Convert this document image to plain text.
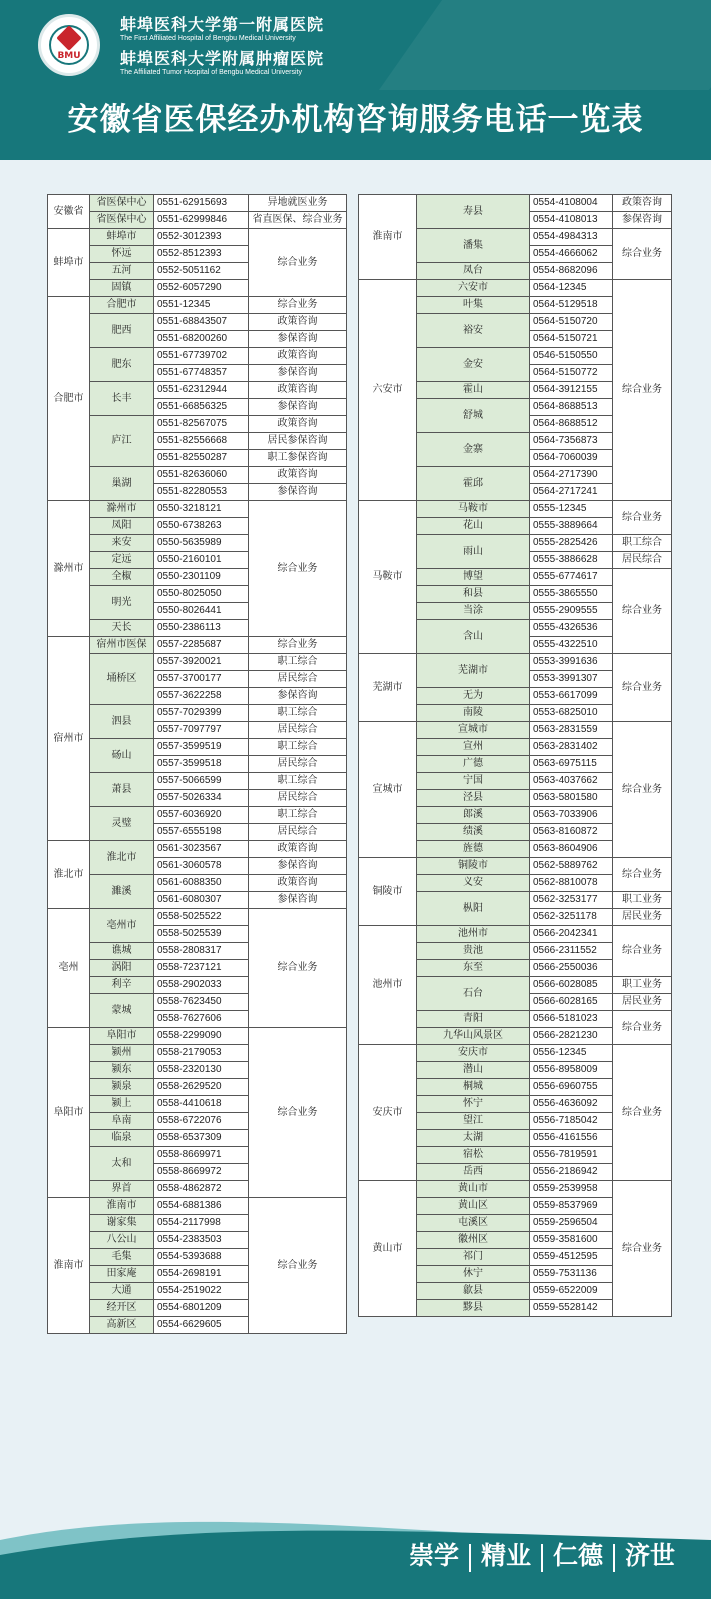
BMU
蚌埠医科大学第一附属医院
The First Affiliated Hospital of Bengbu Medical University
蚌埠医科大学附属肿瘤医院
The Affiliated Tumor Hospital of Bengbu Medical University
安徽省医保经办机构咨询服务电话一览表
安徽省	省医保中心	0551-62915693	异地就医业务
	省医保中心	0551-62999846	省直医保、综合业务
蚌埠市	蚌埠市	0552-3012393	综合业务
	怀远	0552-8512393	
	五河	0552-5051162	
	固镇	0552-6057290	
合肥市	合肥市	0551-12345	综合业务
	肥西	0551-68843507	政策咨询
		0551-68200260	参保咨询
	肥东	0551-67739702	政策咨询
		0551-67748357	参保咨询
	长丰	0551-62312944	政策咨询
		0551-66856325	参保咨询
	庐江	0551-82567075	政策咨询
		0551-82556668	居民参保咨询
		0551-82550287	职工参保咨询
	巢湖	0551-82636060	政策咨询
		0551-82280553	参保咨询
滁州市	滁州市	0550-3218121	综合业务
	凤阳	0550-6738263	
	来安	0550-5635989	
	定远	0550-2160101	
	全椒	0550-2301109	
	明光	0550-8025050	
		0550-8026441	
	天长	0550-2386113	
宿州市	宿州市医保	0557-2285687	综合业务
	埇桥区	0557-3920021	职工综合
		0557-3700177	居民综合
		0557-3622258	参保咨询
	泗县	0557-7029399	职工综合
		0557-7097797	居民综合
	砀山	0557-3599519	职工综合
		0557-3599518	居民综合
	萧县	0557-5066599	职工综合
		0557-5026334	居民综合
	灵璧	0557-6036920	职工综合
		0557-6555198	居民综合
淮北市	淮北市	0561-3023567	政策咨询
		0561-3060578	参保咨询
	濉溪	0561-6088350	政策咨询
		0561-6080307	参保咨询
亳州	亳州市	0558-5025522	综合业务
		0558-5025539	
	谯城	0558-2808317	
	涡阳	0558-7237121	
	利辛	0558-2902033	
	蒙城	0558-7623450	
		0558-7627606	
阜阳市	阜阳市	0558-2299090	综合业务
	颍州	0558-2179053	
	颍东	0558-2320130	
	颍泉	0558-2629520	
	颍上	0558-4410618	
	阜南	0558-6722076	
	临泉	0558-6537309	
	太和	0558-8669971	
		0558-8669972	
	界首	0558-4862872	
淮南市	淮南市	0554-6881386	综合业务
	谢家集	0554-2117998	
	八公山	0554-2383503	
	毛集	0554-5393688	
	田家庵	0554-2698191	
	大通	0554-2519022	
	经开区	0554-6801209	
	高新区	0554-6629605	
淮南市	寿县	0554-4108004	政策咨询
		0554-4108013	参保咨询
	潘集	0554-4984313	综合业务
		0554-4666062	
	凤台	0554-8682096	
六安市	六安市	0564-12345	综合业务
	叶集	0564-5129518	
	裕安	0564-5150720	
		0564-5150721	
	金安	0546-5150550	
		0564-5150772	
	霍山	0564-3912155	
	舒城	0564-8688513	
		0564-8688512	
	金寨	0564-7356873	
		0564-7060039	
	霍邱	0564-2717390	
		0564-2717241	
马鞍市	马鞍市	0555-12345	综合业务
	花山	0555-3889664	
	雨山	0555-2825426	职工综合
		0555-3886628	居民综合
	博望	0555-6774617	综合业务
	和县	0555-3865550	
	当涂	0555-2909555	
	含山	0555-4326536	
		0555-4322510	
芜湖市	芜湖市	0553-3991636	综合业务
		0553-3991307	
	无为	0553-6617099	
	南陵	0553-6825010	
宣城市	宣城市	0563-2831559	综合业务
	宣州	0563-2831402	
	广德	0563-6975115	
	宁国	0563-4037662	
	泾县	0563-5801580	
	郎溪	0563-7033906	
	绩溪	0563-8160872	
	旌德	0563-8604906	
铜陵市	铜陵市	0562-5889762	综合业务
	义安	0562-8810078	
	枞阳	0562-3253177	职工业务
		0562-3251178	居民业务
池州市	池州市	0566-2042341	综合业务
	贵池	0566-2311552	
	东至	0566-2550036	
	石台	0566-6028085	职工业务
		0566-6028165	居民业务
	青阳	0566-5181023	综合业务
	九华山风景区	0566-2821230	
安庆市	安庆市	0556-12345	综合业务
	潜山	0556-8958009	
	桐城	0556-6960755	
	怀宁	0556-4636092	
	望江	0556-7185042	
	太湖	0556-4161556	
	宿松	0556-7819591	
	岳西	0556-2186942	
黄山市	黄山市	0559-2539958	综合业务
	黄山区	0559-8537969	
	屯溪区	0559-2596504	
	徽州区	0559-3581600	
	祁门	0559-4512595	
	休宁	0559-7531136	
	歙县	0559-6522009	
	黟县	0559-5528142	
崇学 精业 仁德 济世
